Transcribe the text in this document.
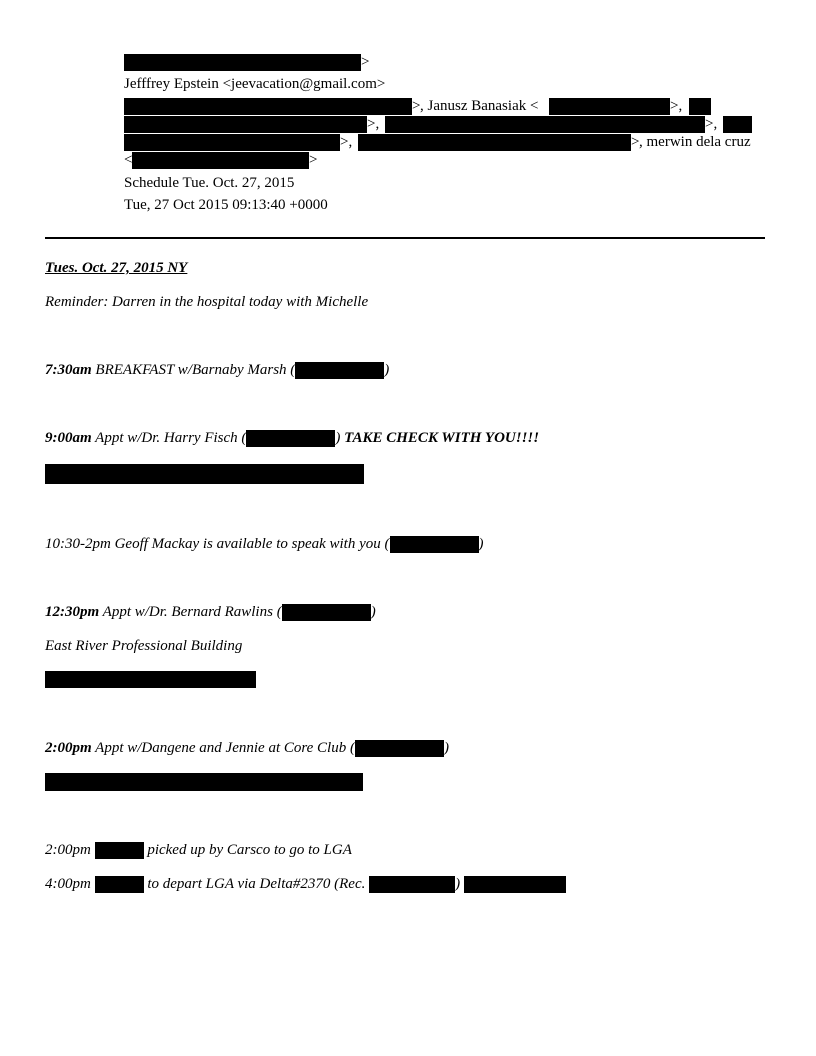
>
Jefffrey Epstein <jeevacation@gmail.com>
> , Janusz Banasiak <	>,
>,	>,
>,	> , merwin dela cruz
<	>
Schedule Tue. Oct. 27, 2015
Tue, 27 Oct 2015 09:13:40 +0000
Tues. Oct. 27, 2015 NY
Reminder: Darren in the hospital today with Michelle
7:30am BREAKFAST w/Barnaby Marsh (	)
9:00am Appt w/Dr. Harry Fisch (	) TAKE CHECK WITH YOU!!!!
10:30-2pm Geoff Mackay is available to speak with you (	)
12:30pm Appt w/Dr. Bernard Rawlins (	)
East River Professional Building
2:00pm Appt w/Dangene and Jennie at Core Club (	)
2:00pm	picked up by Carsco to go to LGA
4:00pm	to depart LGA via Delta#2370 (Rec.	)
